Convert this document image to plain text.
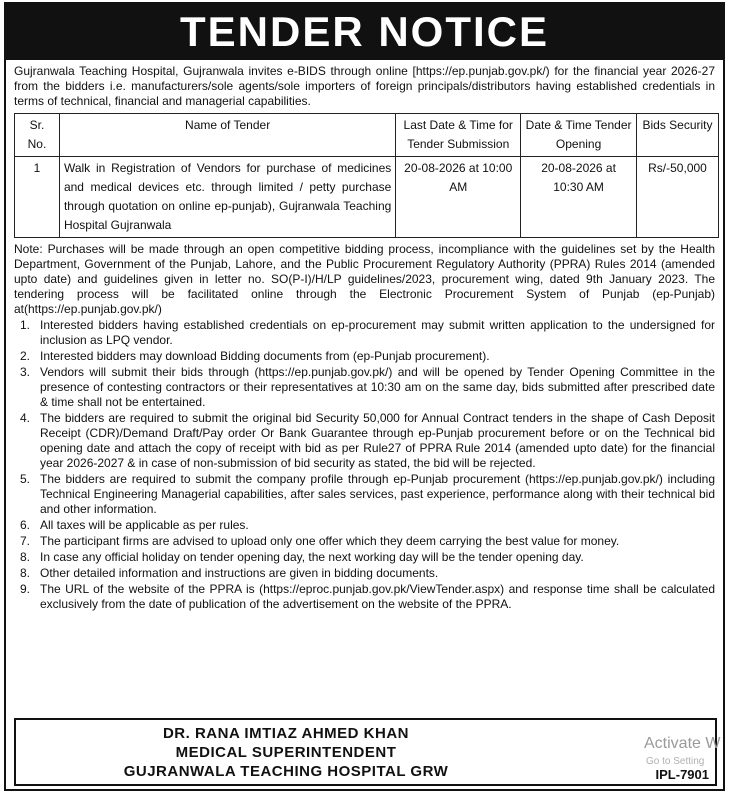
TENDER NOTICE

Gujranwala Teaching Hospital, Gujranwala invites e-BIDS through online [https://ep.punjab.gov.pk/) for the financial year 2026-27 from the bidders i.e. manufacturers/sole agents/sole importers of foreign principals/distributors having established credentials in terms of technical, financial and managerial capabilities.

Sr. No.	Name of Tender	Last Date & Time for Tender Submission	Date & Time Tender Opening	Bids Security
1	Walk in Registration of Vendors for purchase of medicines and medical devices etc. through limited / petty purchase through quotation on online ep-punjab), Gujranwala Teaching Hospital Gujranwala	20-08-2026 at 10:00 AM	20-08-2026 at 10:30 AM	Rs/-50,000

Note: Purchases will be made through an open competitive bidding process, incompliance with the guidelines set by the Health Department, Government of the Punjab, Lahore, and the Public Procurement Regulatory Authority (PPRA) Rules 2014 (amended upto date) and guidelines given in letter no. SO(P-I)/H/LP guidelines/2023, procurement wing, dated 9th January 2023. The tendering process will be facilitated online through the Electronic Procurement System of Punjab (ep-Punjab) at(https://ep.punjab.gov.pk/)

1. Interested bidders having established credentials on ep-procurement may submit written application to the undersigned for inclusion as LPQ vendor.
2. Interested bidders may download Bidding documents from (ep-Punjab procurement).
3. Vendors will submit their bids through (https://ep.punjab.gov.pk/) and will be opened by Tender Opening Committee in the presence of contesting contractors or their representatives at 10:30 am on the same day, bids submitted after prescribed date & time shall not be entertained.
4. The bidders are required to submit the original bid Security 50,000 for Annual Contract tenders in the shape of Cash Deposit Receipt (CDR)/Demand Draft/Pay order Or Bank Guarantee through ep-Punjab procurement before or on the Technical bid opening date and attach the copy of receipt with bid as per Rule27 of PPRA Rule 2014 (amended upto date) for the financial year 2026-2027 & in case of non-submission of bid security as stated, the bid will be rejected.
5. The bidders are required to submit the company profile through ep-Punjab procurement (https://ep.punjab.gov.pk/) including Technical Engineering Managerial capabilities, after sales services, past experience, performance along with their technical bid and other information.
6. All taxes will be applicable as per rules.
7. The participant firms are advised to upload only one offer which they deem carrying the best value for money.
8. In case any official holiday on tender opening day, the next working day will be the tender opening day.
8. Other detailed information and instructions are given in bidding documents.
9. The URL of the website of the PPRA is (https://eproc.punjab.gov.pk/ViewTender.aspx) and response time shall be calculated exclusively from the date of publication of the advertisement on the website of the PPRA.
DR. RANA IMTIAZ AHMED KHAN
MEDICAL SUPERINTENDENT
GUJRANWALA TEACHING HOSPITAL GRW	IPL-7901
Activate W
Go to Setting
